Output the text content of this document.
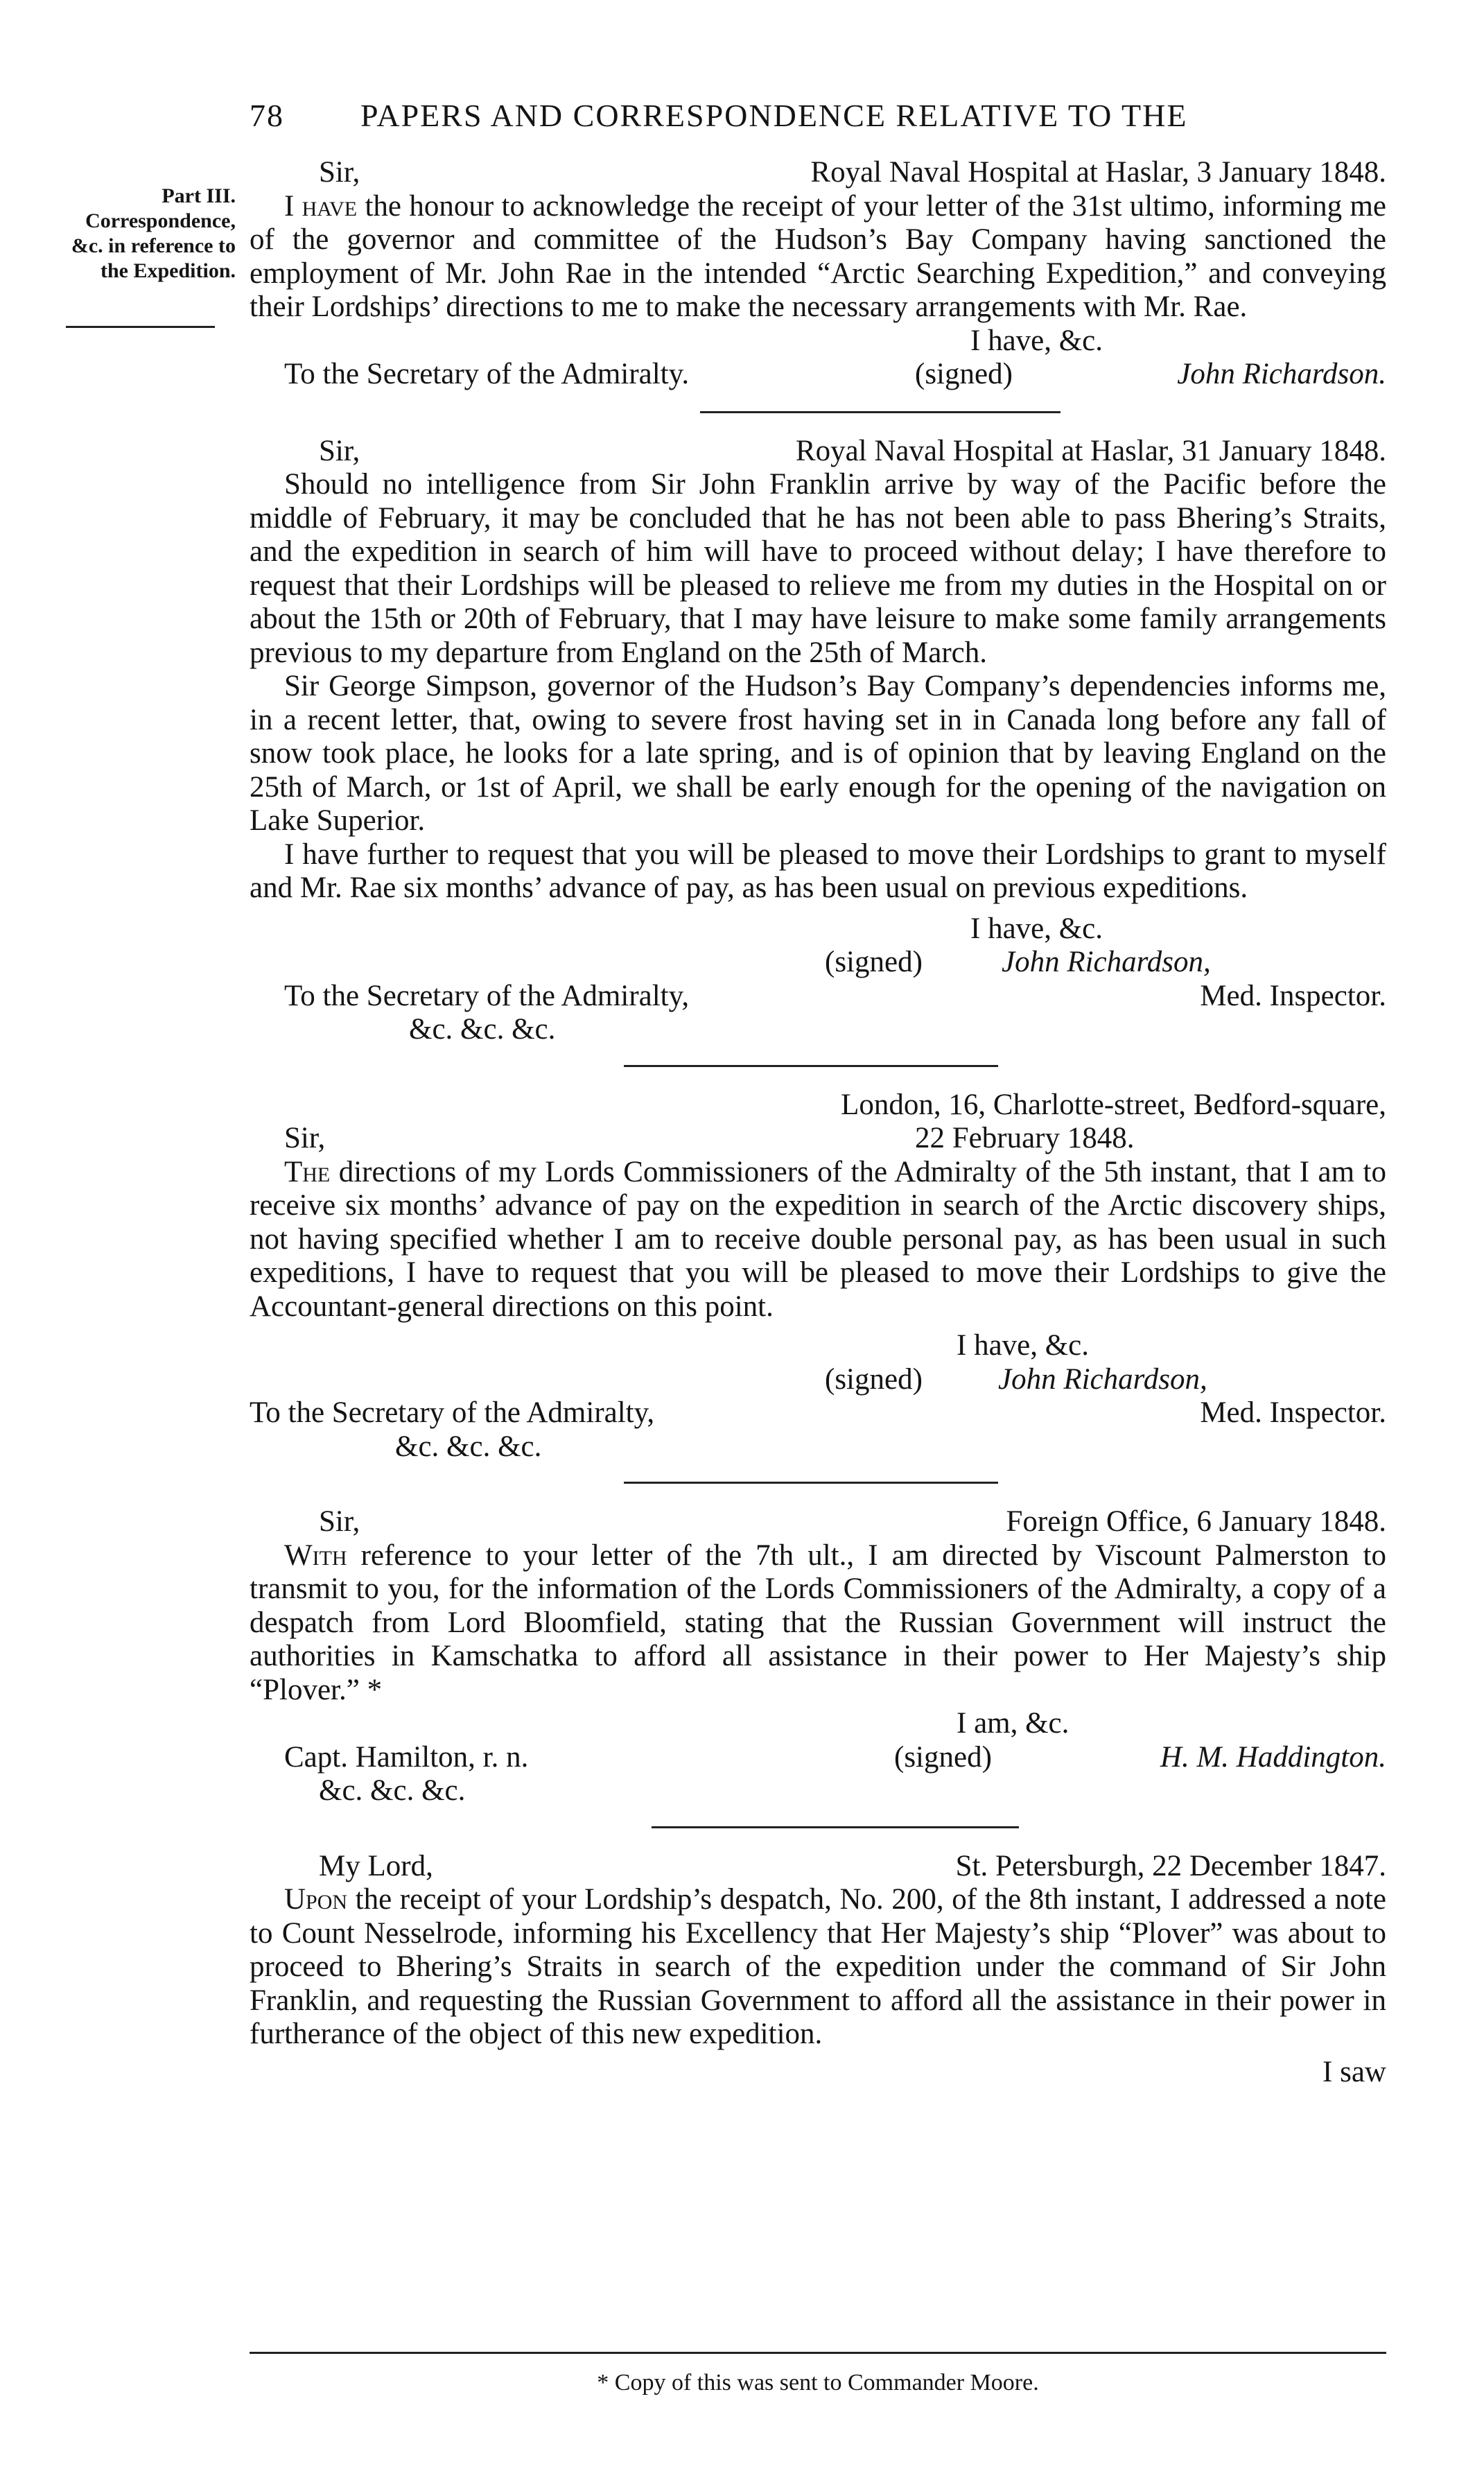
78 PAPERS AND CORRESPONDENCE RELATIVE TO THE
Part III.
Correspondence,
&c. in reference to
the Expedition.
Sir,	Royal Naval Hospital at Haslar, 3 January 1848.

I have the honour to acknowledge the receipt of your letter of the 31st ultimo, informing me of the governor and committee of the Hudson’s Bay Company having sanctioned the employment of Mr. John Rae in the intended “Arctic Searching Expedition,” and conveying their Lordships’ directions to me to make the necessary arrangements with Mr. Rae.

I have, &c.
To the Secretary of the Admiralty.	(signed)	John Richardson.
Sir,	Royal Naval Hospital at Haslar, 31 January 1848.

Should no intelligence from Sir John Franklin arrive by way of the Pacific before the middle of February, it may be concluded that he has not been able to pass Bhering’s Straits, and the expedition in search of him will have to proceed without delay; I have therefore to request that their Lordships will be pleased to relieve me from my duties in the Hospital on or about the 15th or 20th of February, that I may have leisure to make some family arrangements previous to my departure from England on the 25th of March.

Sir George Simpson, governor of the Hudson’s Bay Company’s dependencies informs me, in a recent letter, that, owing to severe frost having set in in Canada long before any fall of snow took place, he looks for a late spring, and is of opinion that by leaving England on the 25th of March, or 1st of April, we shall be early enough for the opening of the navigation on Lake Superior.

I have further to request that you will be pleased to move their Lordships to grant to myself and Mr. Rae six months’ advance of pay, as has been usual on previous expeditions.

I have, &c.
(signed)	John Richardson,
To the Secretary of the Admiralty,	Med. Inspector.
&c. &c. &c.
London, 16, Charlotte-street, Bedford-square,
Sir,	22 February 1848.

The directions of my Lords Commissioners of the Admiralty of the 5th instant, that I am to receive six months’ advance of pay on the expedition in search of the Arctic discovery ships, not having specified whether I am to receive double personal pay, as has been usual in such expeditions, I have to request that you will be pleased to move their Lordships to give the Accountant-general directions on this point.

I have, &c.
(signed)	John Richardson,
To the Secretary of the Admiralty,	Med. Inspector.
&c. &c. &c.
Sir,	Foreign Office, 6 January 1848.

With reference to your letter of the 7th ult., I am directed by Viscount Palmerston to transmit to you, for the information of the Lords Commissioners of the Admiralty, a copy of a despatch from Lord Bloomfield, stating that the Russian Government will instruct the authorities in Kamschatka to afford all assistance in their power to Her Majesty’s ship “Plover.” *

I am, &c.
Capt. Hamilton, r. n.	(signed)	H. M. Haddington.
&c. &c. &c.
My Lord,	St. Petersburgh, 22 December 1847.

Upon the receipt of your Lordship’s despatch, No. 200, of the 8th instant, I addressed a note to Count Nesselrode, informing his Excellency that Her Majesty’s ship “Plover” was about to proceed to Bhering’s Straits in search of the expedition under the command of Sir John Franklin, and requesting the Russian Government to afford all the assistance in their power in furtherance of the object of this new expedition.

I saw
* Copy of this was sent to Commander Moore.
